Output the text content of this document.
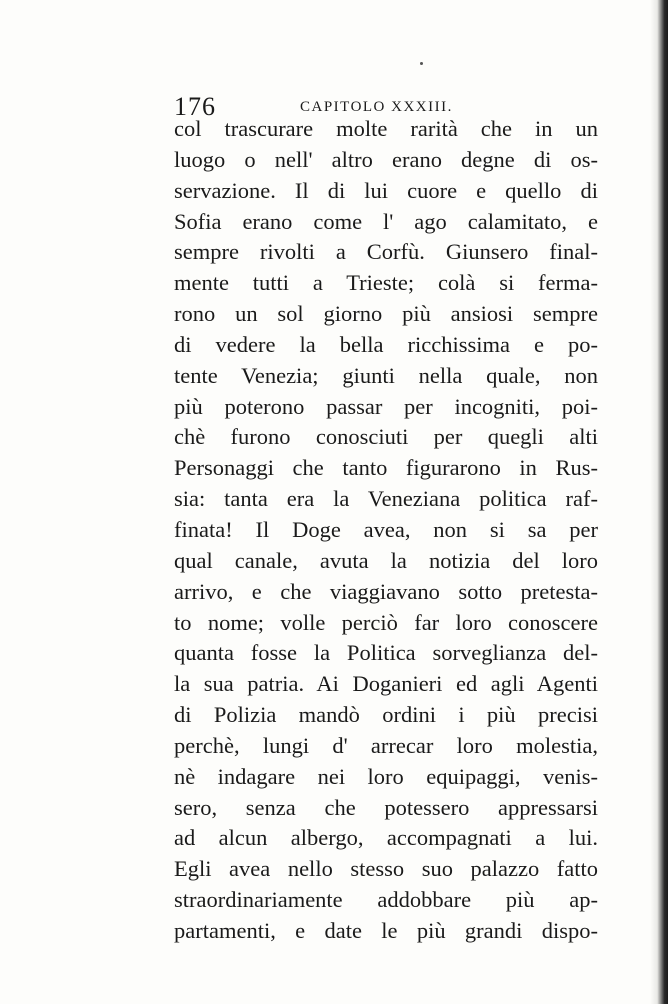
176	CAPITOLO XXXIII.
col trascurare molte rarità che in un
luogo o nell' altro erano degne di os-
servazione. Il di lui cuore e quello di
Sofia erano come l' ago calamitato, e
sempre rivolti a Corfù. Giunsero final-
mente tutti a Trieste; colà si ferma-
rono un sol giorno più ansiosi sempre
di vedere la bella ricchissima e po-
tente Venezia; giunti nella quale, non
più poterono passar per incogniti, poi-
chè furono conosciuti per quegli alti
Personaggi che tanto figurarono in Rus-
sia: tanta era la Veneziana politica raf-
finata! Il Doge avea, non si sa per
qual canale, avuta la notizia del loro
arrivo, e che viaggiavano sotto pretesta-
to nome; volle perciò far loro conoscere
quanta fosse la Politica sorveglianza del-
la sua patria. Ai Doganieri ed agli Agenti
di Polizia mandò ordini i più precisi
perchè, lungi d' arrecar loro molestia,
nè indagare nei loro equipaggi, venis-
sero, senza che potessero appressarsi
ad alcun albergo, accompagnati a lui.
Egli avea nello stesso suo palazzo fatto
straordinariamente addobbare più ap-
partamenti, e date le più grandi dispo-
